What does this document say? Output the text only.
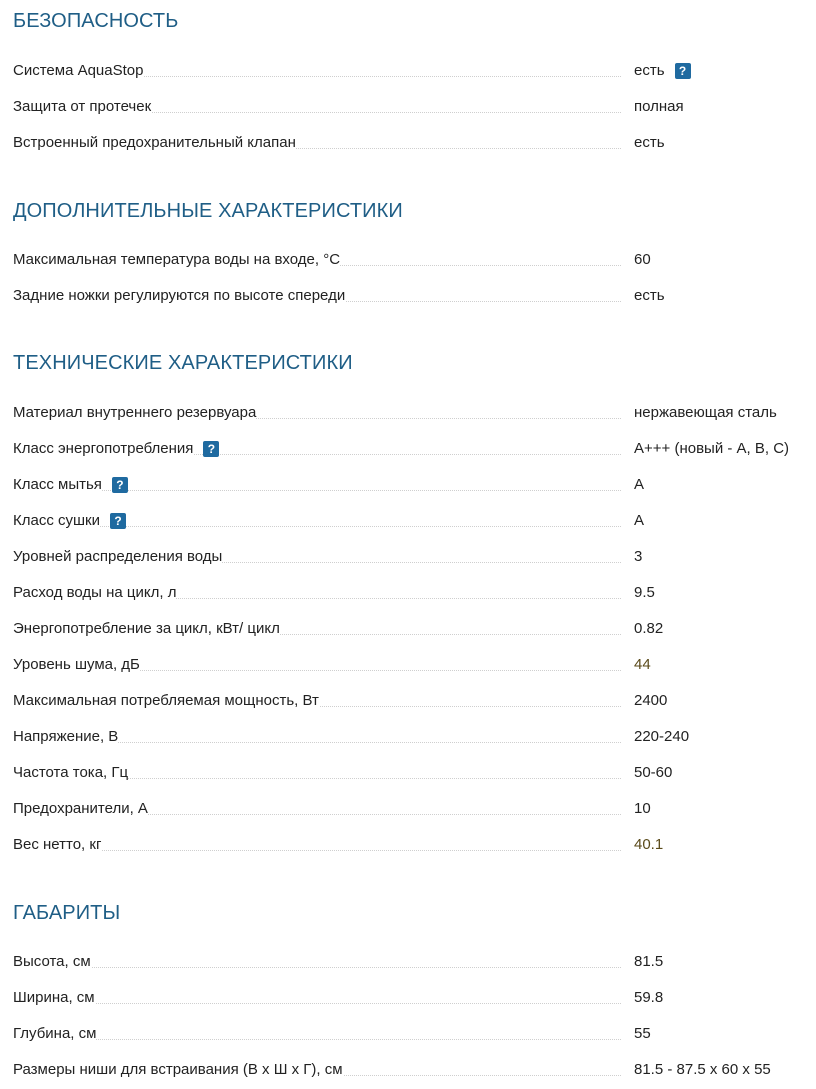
БЕЗОПАСНОСТЬ
Система AquaStop	есть	?
Защита от протечек	полная
Встроенный предохранительный клапан	есть
ДОПОЛНИТЕЛЬНЫЕ ХАРАКТЕРИСТИКИ
Максимальная температура воды на входе, °C	60
Задние ножки регулируются по высоте спереди	есть
ТЕХНИЧЕСКИЕ ХАРАКТЕРИСТИКИ
Материал внутреннего резервуара	нержавеющая сталь
Класс энергопотребления	?	A+++ (новый - A, B, C)
Класс мытья	?	A
Класс сушки	?	A
Уровней распределения воды	3
Расход воды на цикл, л	9.5
Энергопотребление за цикл, кВт/ цикл	0.82
Уровень шума, дБ	44
Максимальная потребляемая мощность, Вт	2400
Напряжение, В	220-240
Частота тока, Гц	50-60
Предохранители, А	10
Вес нетто, кг	40.1
ГАБАРИТЫ
Высота, см	81.5
Ширина, см	59.8
Глубина, см	55
Размеры ниши для встраивания (В х Ш х Г), см	81.5 - 87.5 x 60 x 55
